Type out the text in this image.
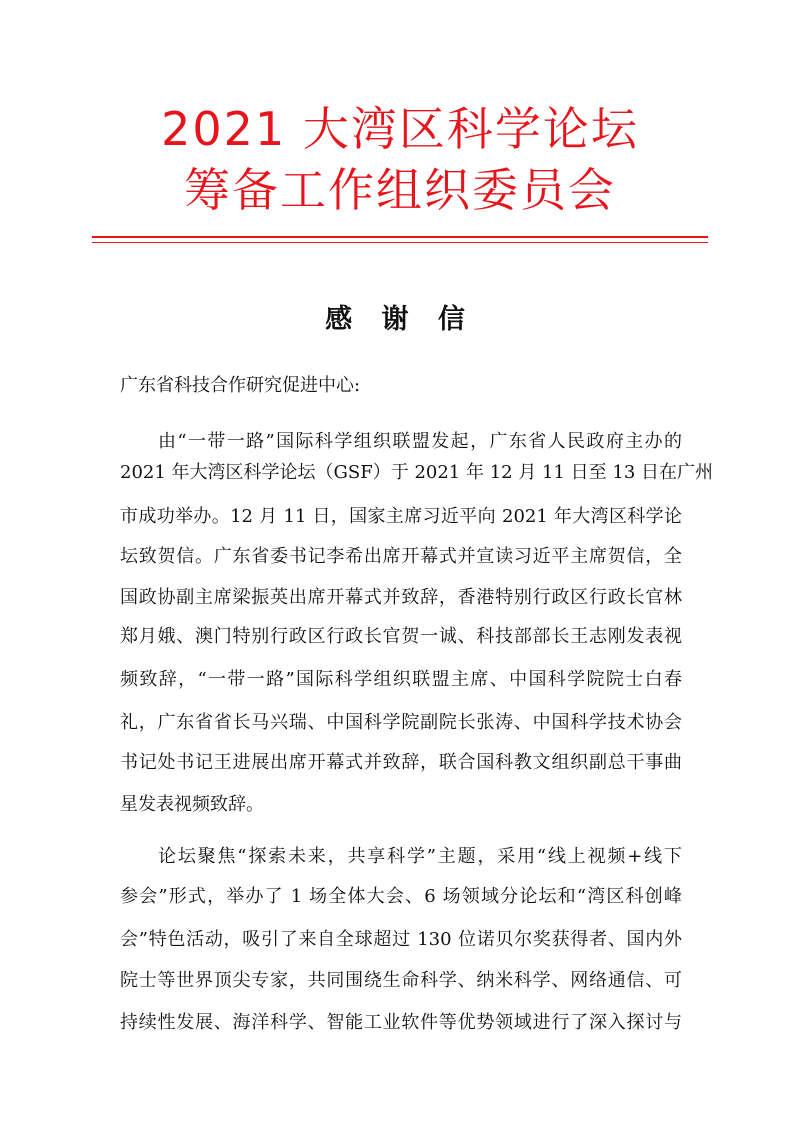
2021 大湾区科学论坛
筹备工作组织委员会
感 谢 信
广东省科技合作研究促进中心:
由“一带一路”国际科学组织联盟发起，广东省人民政府主办的
2021 年大湾区科学论坛（GSF）于 2021 年 12 月 11 日至 13 日在广州
市成功举办。12 月 11 日，国家主席习近平向 2021 年大湾区科学论
坛致贺信。广东省委书记李希出席开幕式并宣读习近平主席贺信，全
国政协副主席梁振英出席开幕式并致辞，香港特别行政区行政长官林
郑月娥、澳门特别行政区行政长官贺一诚、科技部部长王志刚发表视
频致辞，“一带一路”国际科学组织联盟主席、中国科学院院士白春
礼，广东省省长马兴瑞、中国科学院副院长张涛、中国科学技术协会
书记处书记王进展出席开幕式并致辞，联合国科教文组织副总干事曲
星发表视频致辞。
论坛聚焦“探索未来，共享科学”主题，采用“线上视频+线下
参会”形式，举办了 1 场全体大会、6 场领域分论坛和“湾区科创峰
会”特色活动，吸引了来自全球超过 130 位诺贝尔奖获得者、国内外
院士等世界顶尖专家，共同围绕生命科学、纳米科学、网络通信、可
持续性发展、海洋科学、智能工业软件等优势领域进行了深入探讨与
